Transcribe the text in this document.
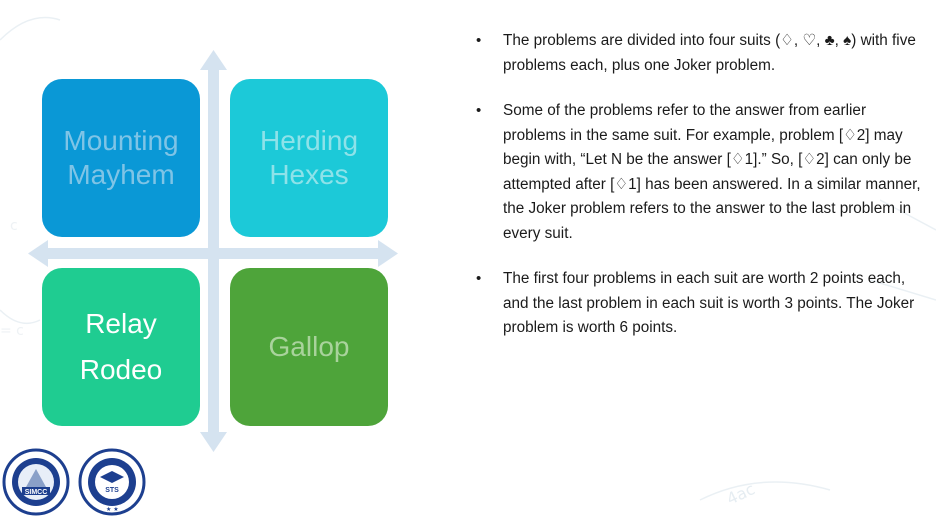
4ac
c
= c
Mounting
Mayhem
Herding
Hexes
Relay
Rodeo
Gallop
SIMCC	STS
★ ★
• The problems are divided into four suits (♢, ♡, ♣, ♠) with five problems each, plus one Joker problem.
• Some of the problems refer to the answer from earlier problems in the same suit. For example, problem [♢2] may begin with, “Let N be the answer [♢1].” So, [♢2] can only be attempted after [♢1] has been answered. In a similar manner, the Joker problem refers to the answer to the last problem in every suit.
• The first four problems in each suit are worth 2 points each, and the last problem in each suit is worth 3 points. The Joker problem is worth 6 points.
